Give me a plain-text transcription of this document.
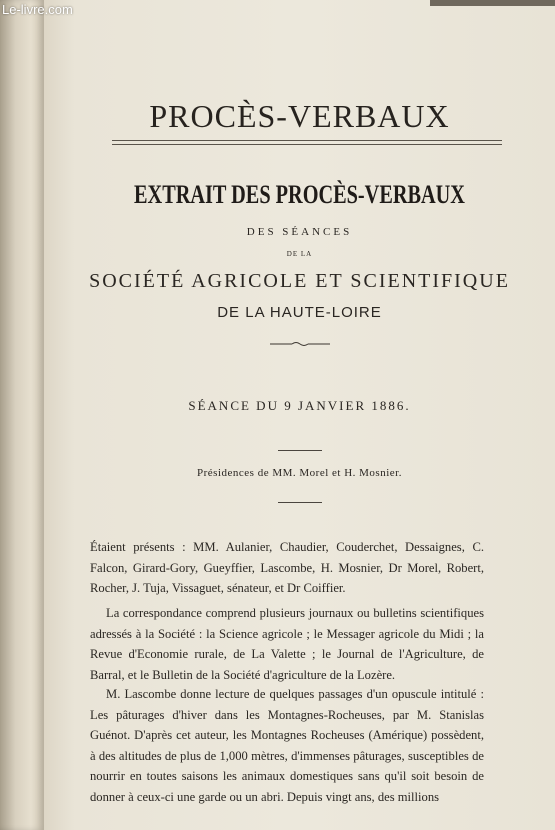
Le-livre.com
PROCÈS-VERBAUX
EXTRAIT DES PROCÈS-VERBAUX
DES SÉANCES
DE LA
SOCIÉTÉ AGRICOLE ET SCIENTIFIQUE
DE LA HAUTE-LOIRE
SÉANCE DU 9 JANVIER 1886.
Présidences de MM. Morel et H. Mosnier.
Étaient présents : MM. Aulanier, Chaudier, Couderchet, Dessaignes, C. Falcon, Girard-Gory, Gueyffier, Lascombe, H. Mosnier, Dr Morel, Robert, Rocher, J. Tuja, Vissaguet, sénateur, et Dr Coiffier.
La correspondance comprend plusieurs journaux ou bulletins scientifiques adressés à la Société : la Science agricole ; le Messager agricole du Midi ; la Revue d'Economie rurale, de La Valette ; le Journal de l'Agriculture, de Barral, et le Bulletin de la Société d'agriculture de la Lozère.
M. Lascombe donne lecture de quelques passages d'un opuscule intitulé : Les pâturages d'hiver dans les Montagnes-Rocheuses, par M. Stanislas Guénot. D'après cet auteur, les Montagnes Rocheuses (Amérique) possèdent, à des altitudes de plus de 1,000 mètres, d'immenses pâturages, susceptibles de nourrir en toutes saisons les animaux domestiques sans qu'il soit besoin de donner à ceux-ci une garde ou un abri. Depuis vingt ans, des millions
